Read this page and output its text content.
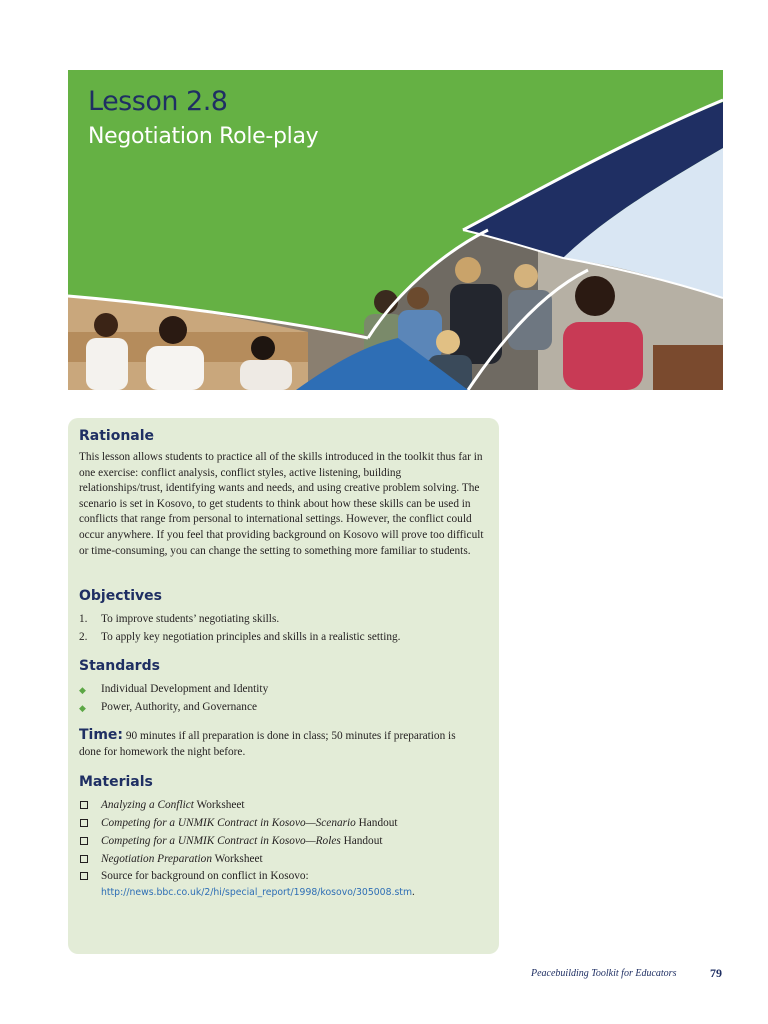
Lesson 2.8
Negotiation Role-play
Rationale

This lesson allows students to practice all of the skills introduced in the toolkit thus far in one exercise: conflict analysis, conflict styles, active listening, building relationships/trust, identifying wants and needs, and using creative problem solving. The scenario is set in Kosovo, to get students to think about how these skills can be used in conflicts that range from personal to international settings. However, the conflict could occur anywhere. If you feel that providing background on Kosovo will prove too difficult or time-consuming, you can change the setting to something more familiar to students.

Objectives
1. To improve students’ negotiating skills.
2. To apply key negotiation principles and skills in a realistic setting.
Standards
◆ Individual Development and Identity
◆ Power, Authority, and Governance

Time: 90 minutes if all preparation is done in class; 50 minutes if preparation is done for homework the night before.

Materials
Analyzing a Conflict Worksheet
Competing for a UNMIK Contract in Kosovo—Scenario Handout
Competing for a UNMIK Contract in Kosovo—Roles Handout
Negotiation Preparation Worksheet
Source for background on conflict in Kosovo:
http://news.bbc.co.uk/2/hi/special_report/1998/kosovo/305008.stm.
Peacebuilding Toolkit for Educators	79
